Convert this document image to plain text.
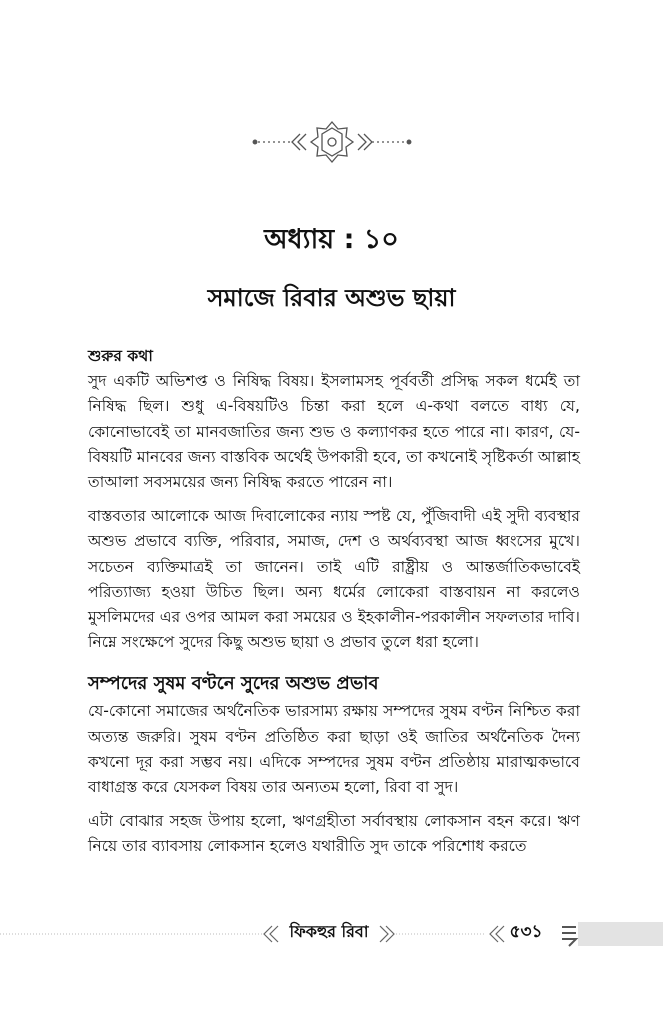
অধ্যায় : ১০
সমাজে রিবার অশুভ ছায়া

শুরুর কথা

সুদ একটি অভিশপ্ত ও নিষিদ্ধ বিষয়। ইসলামসহ পূর্ববর্তী প্রসিদ্ধ সকল ধর্মেই তা নিষিদ্ধ ছিল। শুধু এ-বিষয়টিও চিন্তা করা হলে এ-কথা বলতে বাধ্য যে, কোনোভাবেই তা মানবজাতির জন্য শুভ ও কল্যাণকর হতে পারে না। কারণ, যে-বিষয়টি মানবের জন্য বাস্তবিক অর্থেই উপকারী হবে, তা কখনোই সৃষ্টিকর্তা আল্লাহ তাআলা সবসময়ের জন্য নিষিদ্ধ করতে পারেন না।

বাস্তবতার আলোকে আজ দিবালোকের ন্যায় স্পষ্ট যে, পুঁজিবাদী এই সুদী ব্যবস্থার অশুভ প্রভাবে ব্যক্তি, পরিবার, সমাজ, দেশ ও অর্থব্যবস্থা আজ ধ্বংসের মুখে। সচেতন ব্যক্তিমাত্রই তা জানেন। তাই এটি রাষ্ট্রীয় ও আন্তর্জাতিকভাবেই পরিত্যাজ্য হওয়া উচিত ছিল। অন্য ধর্মের লোকেরা বাস্তবায়ন না করলেও মুসলিমদের এর ওপর আমল করা সময়ের ও ইহকালীন-পরকালীন সফলতার দাবি। নিম্নে সংক্ষেপে সুদের কিছু অশুভ ছায়া ও প্রভাব তুলে ধরা হলো।

সম্পদের সুষম বণ্টনে সুদের অশুভ প্রভাব

যে-কোনো সমাজের অর্থনৈতিক ভারসাম্য রক্ষায় সম্পদের সুষম বণ্টন নিশ্চিত করা অত্যন্ত জরুরি। সুষম বণ্টন প্রতিষ্ঠিত করা ছাড়া ওই জাতির অর্থনৈতিক দৈন্য কখনো দূর করা সম্ভব নয়। এদিকে সম্পদের সুষম বণ্টন প্রতিষ্ঠায় মারাত্মকভাবে বাধাগ্রস্ত করে যেসকল বিষয় তার অন্যতম হলো, রিবা বা সুদ।

এটা বোঝার সহজ উপায় হলো, ঋণগ্রহীতা সর্বাবস্থায় লোকসান বহন করে। ঋণ নিয়ে তার ব্যাবসায় লোকসান হলেও যথারীতি সুদ তাকে পরিশোধ করতে

ফিকহুর রিবা	৫৩১
